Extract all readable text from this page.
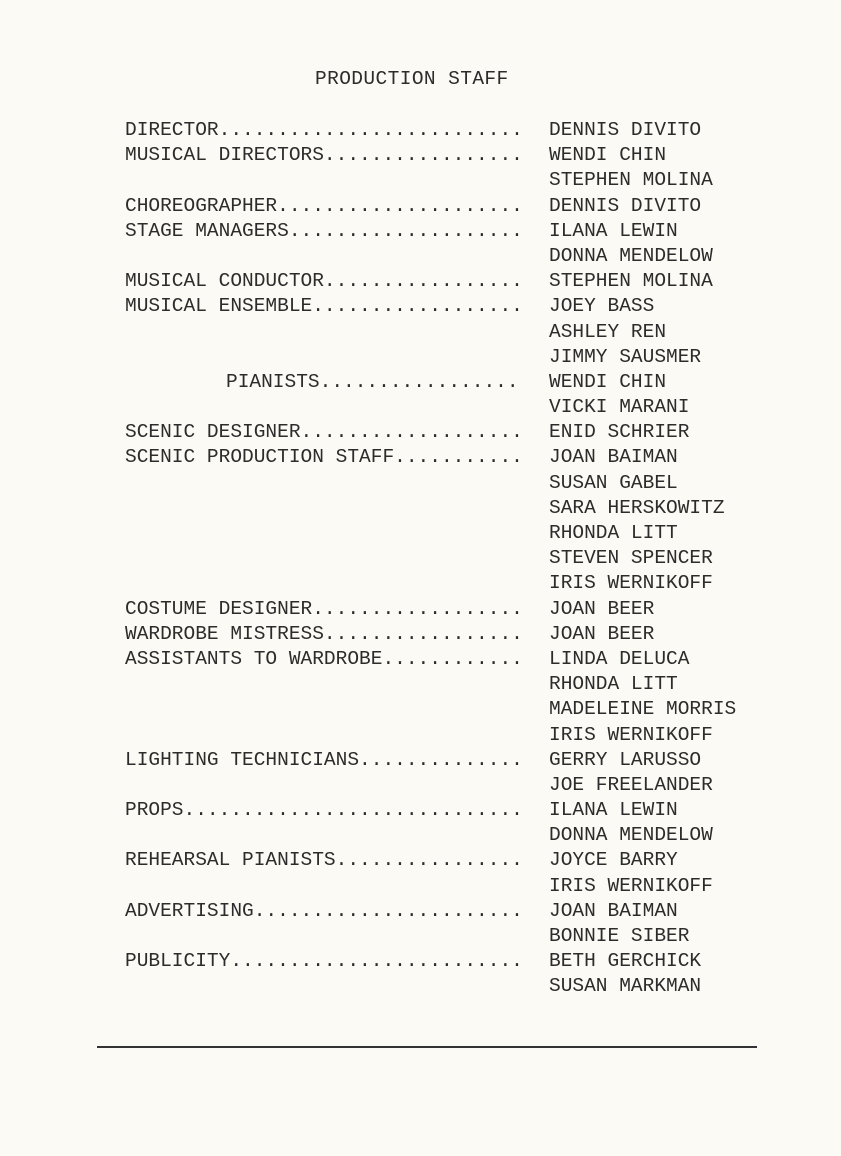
PRODUCTION STAFF
DIRECTOR.......................... DENNIS DIVITO
MUSICAL DIRECTORS................. WENDI CHIN
STEPHEN MOLINA
CHOREOGRAPHER..................... DENNIS DIVITO
STAGE MANAGERS.................... ILANA LEWIN
DONNA MENDELOW
MUSICAL CONDUCTOR................. STEPHEN MOLINA
MUSICAL ENSEMBLE.................. JOEY BASS
ASHLEY REN
JIMMY SAUSMER
PIANISTS................. WENDI CHIN
VICKI MARANI
SCENIC DESIGNER................... ENID SCHRIER
SCENIC PRODUCTION STAFF........... JOAN BAIMAN
SUSAN GABEL
SARA HERSKOWITZ
RHONDA LITT
STEVEN SPENCER
IRIS WERNIKOFF
COSTUME DESIGNER.................. JOAN BEER
WARDROBE MISTRESS................. JOAN BEER
ASSISTANTS TO WARDROBE............ LINDA DELUCA
RHONDA LITT
MADELEINE MORRIS
IRIS WERNIKOFF
LIGHTING TECHNICIANS.............. GERRY LARUSSO
JOE FREELANDER
PROPS............................. ILANA LEWIN
DONNA MENDELOW
REHEARSAL PIANISTS................ JOYCE BARRY
IRIS WERNIKOFF
ADVERTISING....................... JOAN BAIMAN
BONNIE SIBER
PUBLICITY......................... BETH GERCHICK
SUSAN MARKMAN
